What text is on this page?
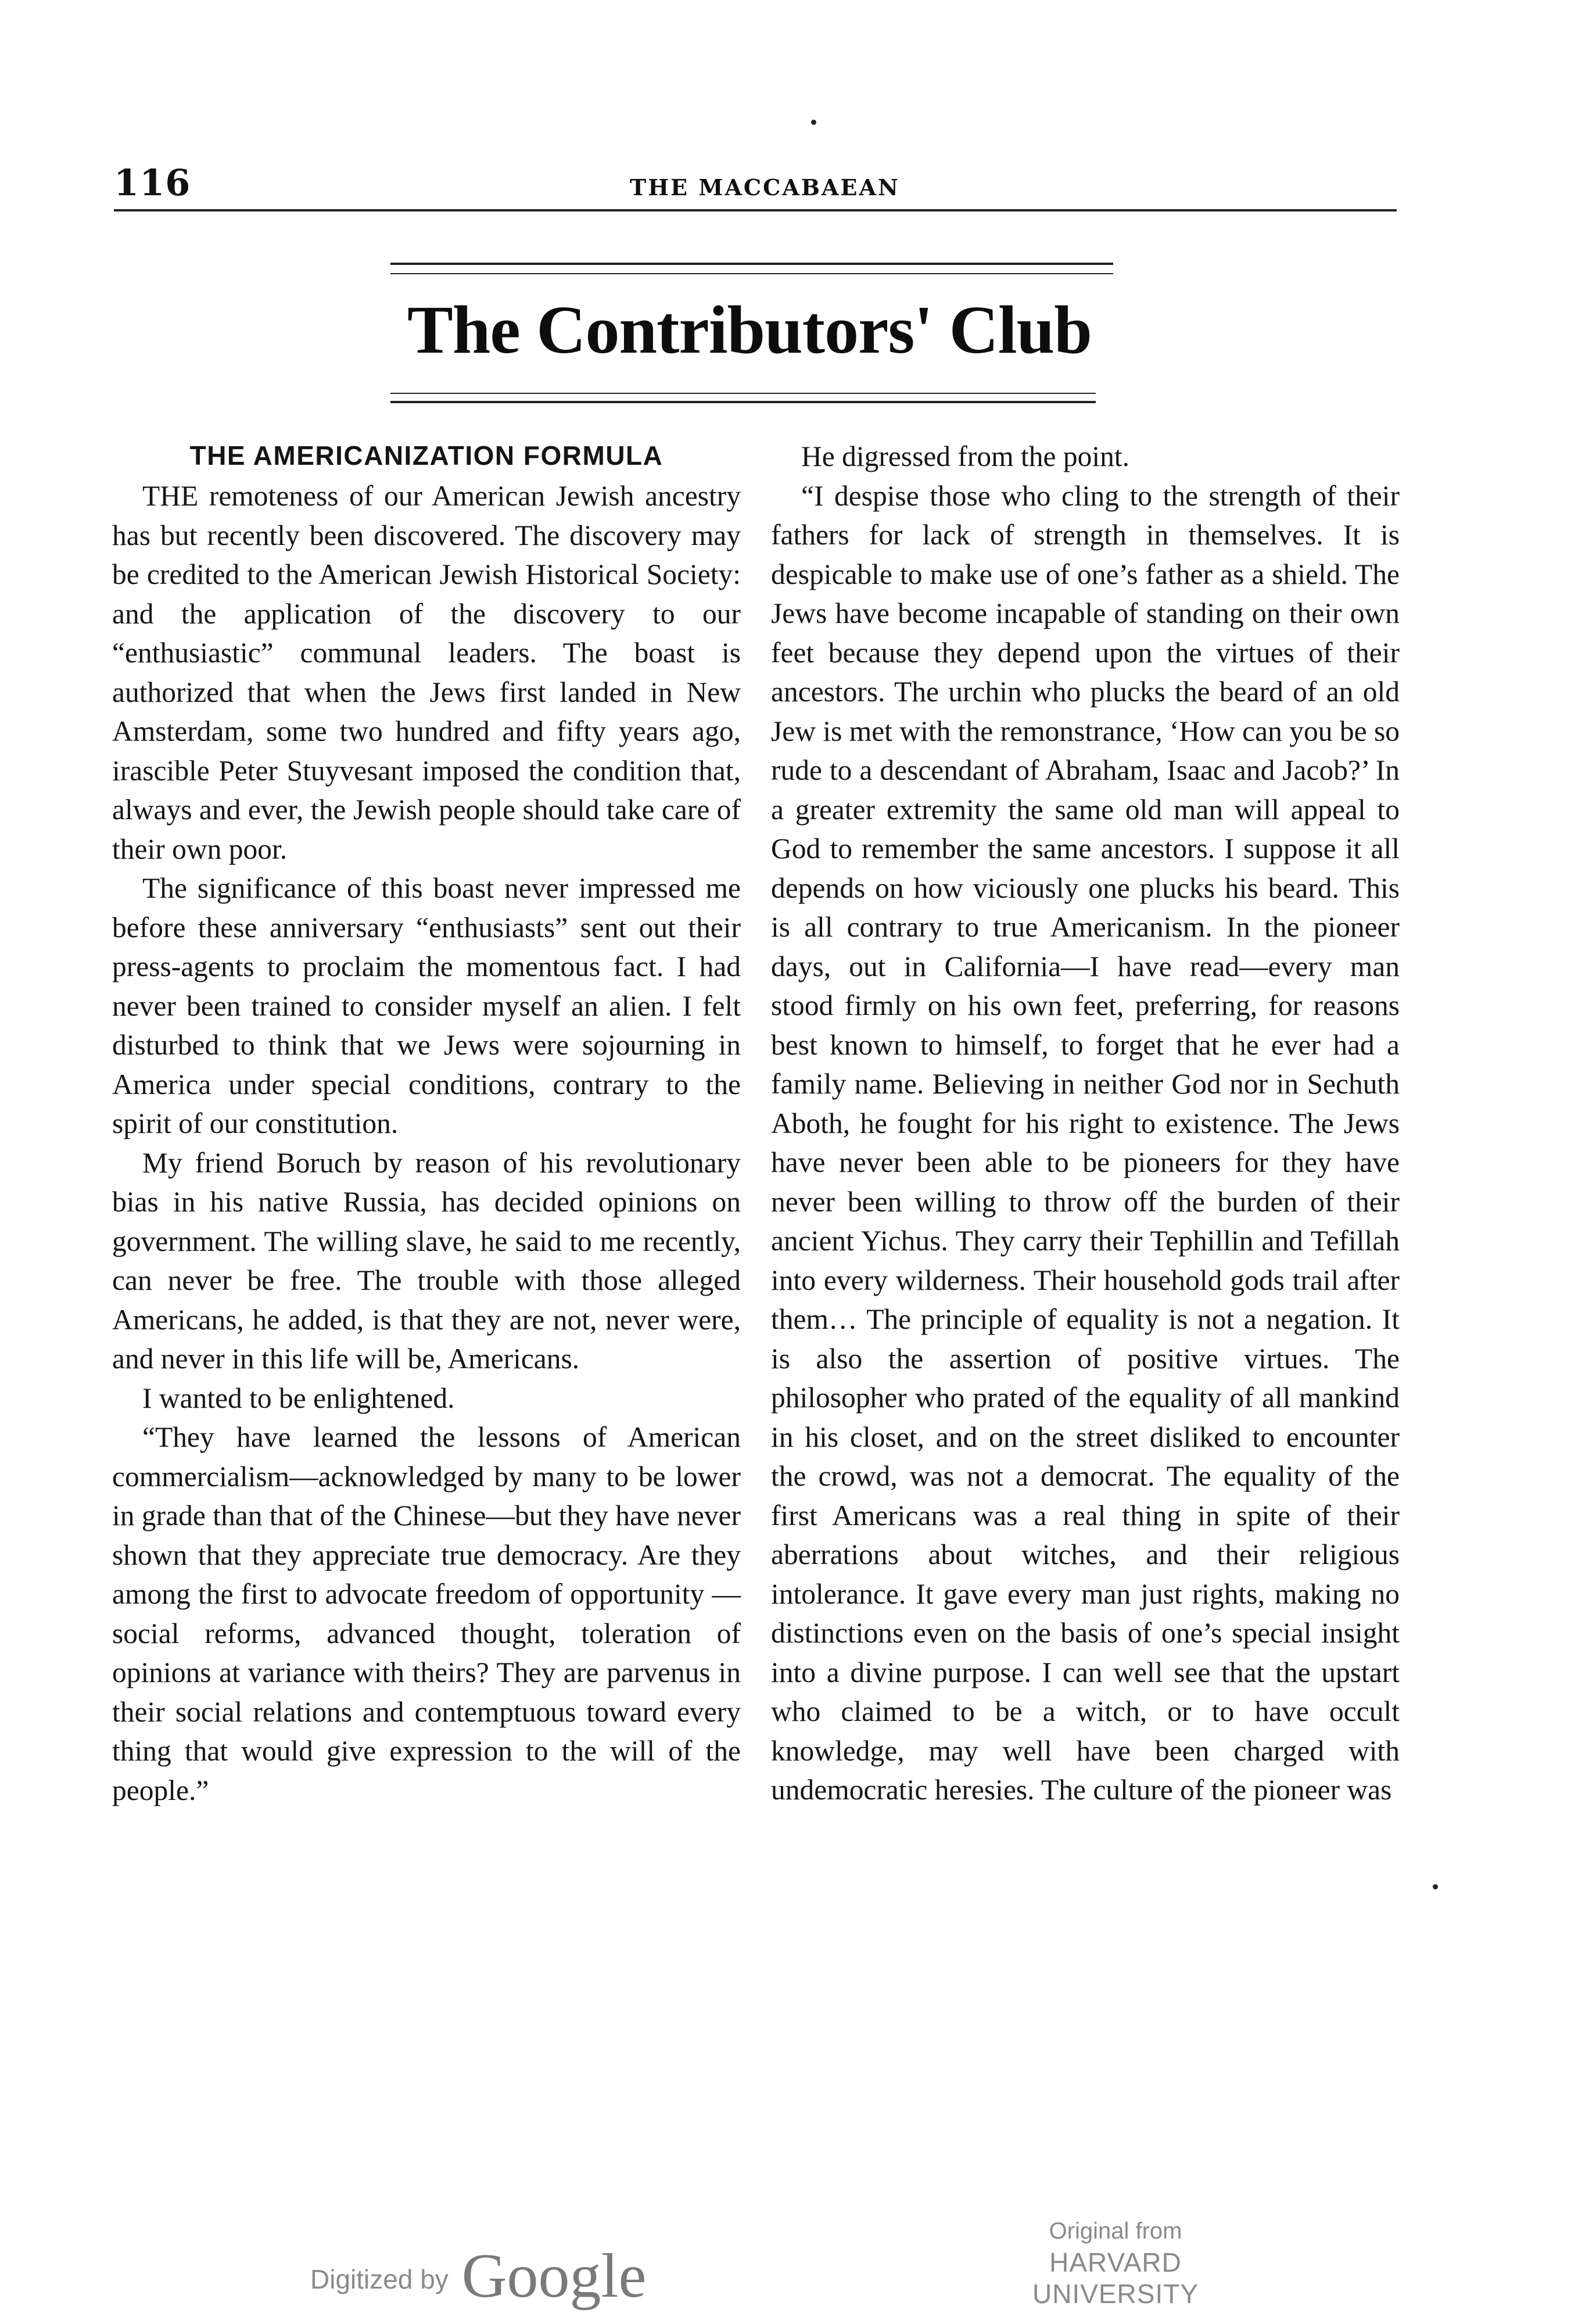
116	THE MACCABAEAN
The Contributors' Club
THE AMERICANIZATION FORMULA

THE remoteness of our American Jewish ancestry has but recently been discovered. The discovery may be credited to the American Jewish Historical Society: and the application of the discovery to our “enthusiastic” communal leaders. The boast is authorized that when the Jews first landed in New Amsterdam, some two hundred and fifty years ago, irascible Peter Stuyvesant imposed the condition that, always and ever, the Jewish people should take care of their own poor.

The significance of this boast never impressed me before these anniversary “enthusiasts” sent out their press-agents to proclaim the momentous fact. I had never been trained to consider myself an alien. I felt disturbed to think that we Jews were sojourning in America under special conditions, contrary to the spirit of our constitution.

My friend Boruch by reason of his revolutionary bias in his native Russia, has decided opinions on government. The willing slave, he said to me recently, can never be free. The trouble with those alleged Americans, he added, is that they are not, never were, and never in this life will be, Americans.

I wanted to be enlightened.

“They have learned the lessons of American commercialism—acknowledged by many to be lower in grade than that of the Chinese—but they have never shown that they appreciate true democracy. Are they among the first to advocate freedom of opportunity —social reforms, advanced thought, toleration of opinions at variance with theirs? They are parvenus in their social relations and contemptuous toward every thing that would give expression to the will of the people.”

He digressed from the point.

“I despise those who cling to the strength of their fathers for lack of strength in themselves. It is despicable to make use of one’s father as a shield. The Jews have become incapable of standing on their own feet because they depend upon the virtues of their ancestors. The urchin who plucks the beard of an old Jew is met with the remonstrance, ‘How can you be so rude to a descendant of Abraham, Isaac and Jacob?’ In a greater extremity the same old man will appeal to God to remember the same ancestors. I suppose it all depends on how viciously one plucks his beard. This is all contrary to true Americanism. In the pioneer days, out in California—I have read—every man stood firmly on his own feet, preferring, for reasons best known to himself, to forget that he ever had a family name. Believing in neither God nor in Sechuth Aboth, he fought for his right to existence. The Jews have never been able to be pioneers for they have never been willing to throw off the burden of their ancient Yichus. They carry their Tephillin and Tefillah into every wilderness. Their household gods trail after them… The principle of equality is not a negation. It is also the assertion of positive virtues. The philosopher who prated of the equality of all mankind in his closet, and on the street disliked to encounter the crowd, was not a democrat. The equality of the first Americans was a real thing in spite of their aberrations about witches, and their religious intolerance. It gave every man just rights, making no distinctions even on the basis of one’s special insight into a divine purpose. I can well see that the upstart who claimed to be a witch, or to have occult knowledge, may well have been charged with undemocratic heresies. The culture of the pioneer was

Digitized by Google
Original from
HARVARD UNIVERSITY
